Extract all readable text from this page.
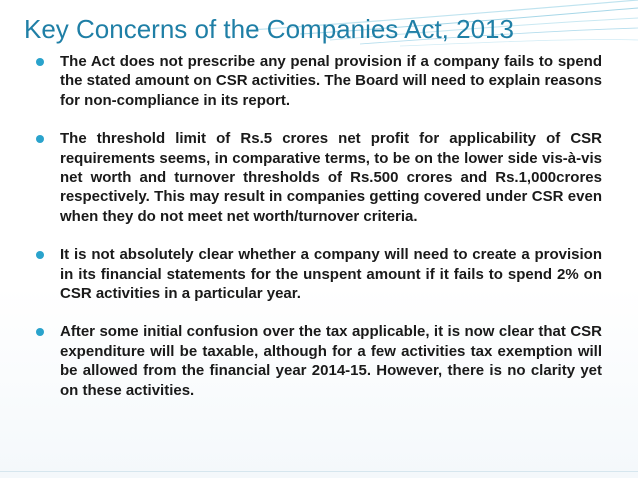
Key Concerns of the Companies Act, 2013
The Act does not prescribe any penal provision if a company fails to spend the stated amount on CSR activities. The Board will need to explain reasons for non-compliance in its report.
The threshold limit of Rs.5 crores net profit for applicability of CSR requirements seems, in comparative terms, to be on the lower side vis-à-vis net worth and turnover thresholds of Rs.500 crores and Rs.1,000crores respectively. This may result in companies getting covered under CSR even when they do not meet net worth/turnover criteria.
It is not absolutely clear whether a company will need to create a provision in its financial statements for the unspent amount if it fails to spend 2% on CSR activities in a particular year.
After some initial confusion over the tax applicable, it is now clear that CSR expenditure will be taxable, although for a few activities tax exemption will be allowed from the financial year 2014-15. However, there is no clarity yet on these activities.
